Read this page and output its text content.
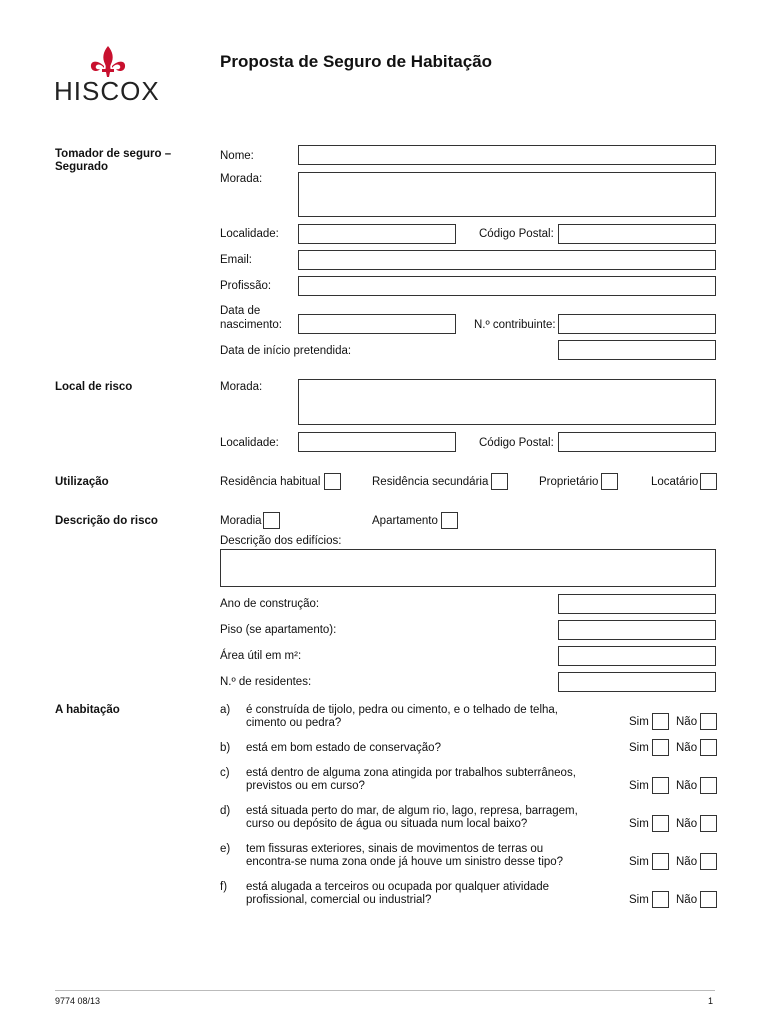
HISCOX
Proposta de Seguro de Habitação
Tomador de seguro – Segurado
Nome:
Morada:
Localidade:	Código Postal:
Email:
Profissão:
Data de
nascimento:	N.º contribuinte:
Data de início pretendida:
Local de risco	Morada:
Localidade:	Código Postal:
Utilização	Residência habitual	Residência secundária	Proprietário	Locatário
Descrição do risco	Moradia	Apartamento
Descrição dos edifícios:
Ano de construção:
Piso (se apartamento):
Área útil em m²:
N.º de residentes:
A habitação	a) é construída de tijolo, pedra ou cimento, e o telhado de telha,
cimento ou pedra?	Sim Não
b) está em bom estado de conservação?	Sim Não
c) está dentro de alguma zona atingida por trabalhos subterrâneos,
previstos ou em curso?	Sim Não
d) está situada perto do mar, de algum rio, lago, represa, barragem,
curso ou depósito de água ou situada num local baixo?	Sim Não
e) tem fissuras exteriores, sinais de movimentos de terras ou
encontra-se numa zona onde já houve um sinistro desse tipo?	Sim Não
f) está alugada a terceiros ou ocupada por qualquer atividade
profissional, comercial ou industrial?	Sim Não
9774 08/13	1
